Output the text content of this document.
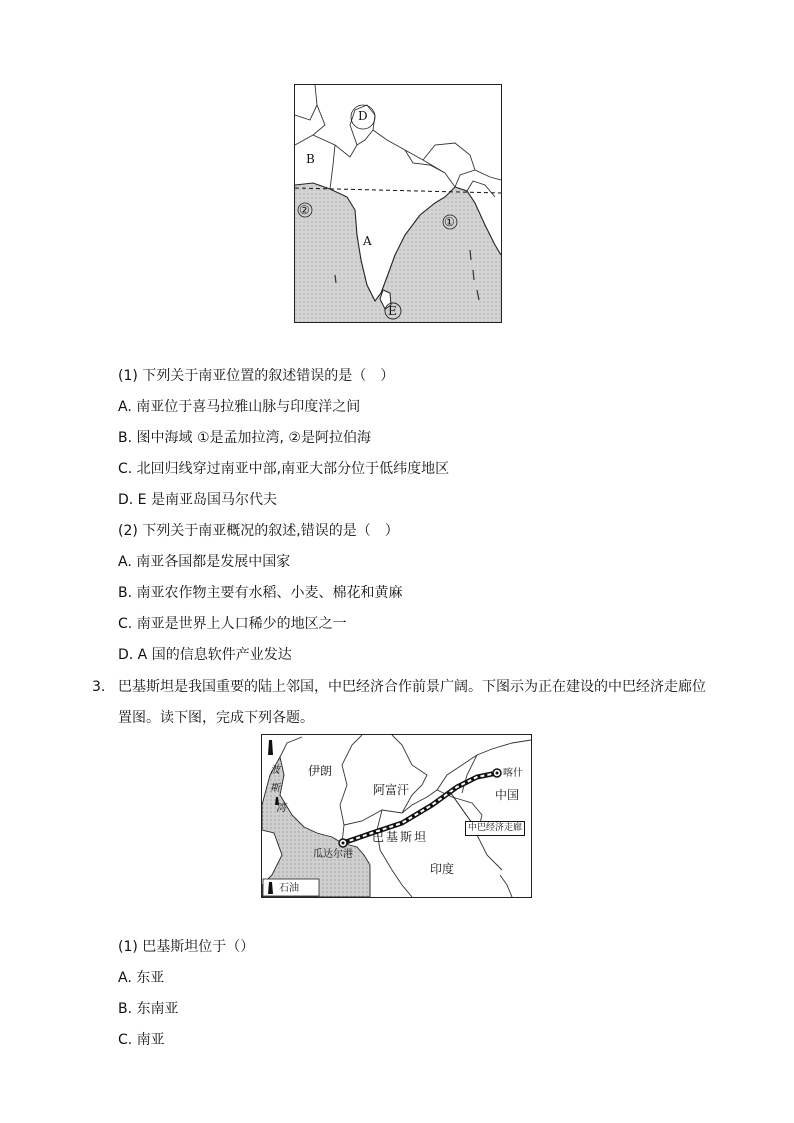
D
B
A
①
②
E
(1) 下列关于南亚位置的叙述错误的是（　）
A. 南亚位于喜马拉雅山脉与印度洋之间
B. 图中海域 ①是孟加拉湾, ②是阿拉伯海
C. 北回归线穿过南亚中部,南亚大部分位于低纬度地区
D. E 是南亚岛国马尔代夫
(2) 下列关于南亚概况的叙述,错误的是（　）
A. 南亚各国都是发展中国家
B. 南亚农作物主要有水稻、小麦、棉花和黄麻
C. 南亚是世界上人口稀少的地区之一
D. A 国的信息软件产业发达
3. 巴基斯坦是我国重要的陆上邻国，中巴经济合作前景广阔。下图示为正在建设的中巴经济走廊位
置图。读下图，完成下列各题。
伊朗
阿富汗
巴基斯坦
印度
中国
喀什
瓜达尔港
波
斯
湾
中巴经济走廊
石油
(1) 巴基斯坦位于（）
A. 东亚
B. 东南亚
C. 南亚
